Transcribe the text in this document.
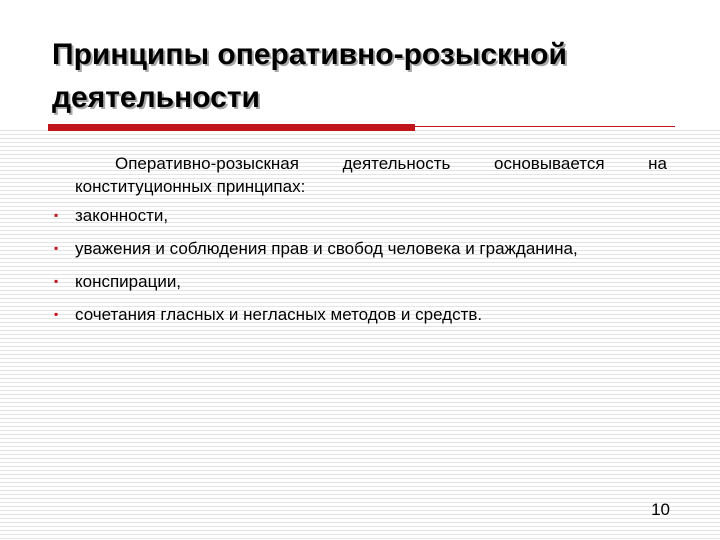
Принципы оперативно-розыскной деятельности

Оперативно-розыскная деятельность основывается на конституционных принципах:

▪ законности,
▪ уважения и соблюдения прав и свобод человека и гражданина,
▪ конспирации,
▪ сочетания гласных и негласных методов и средств.
10
